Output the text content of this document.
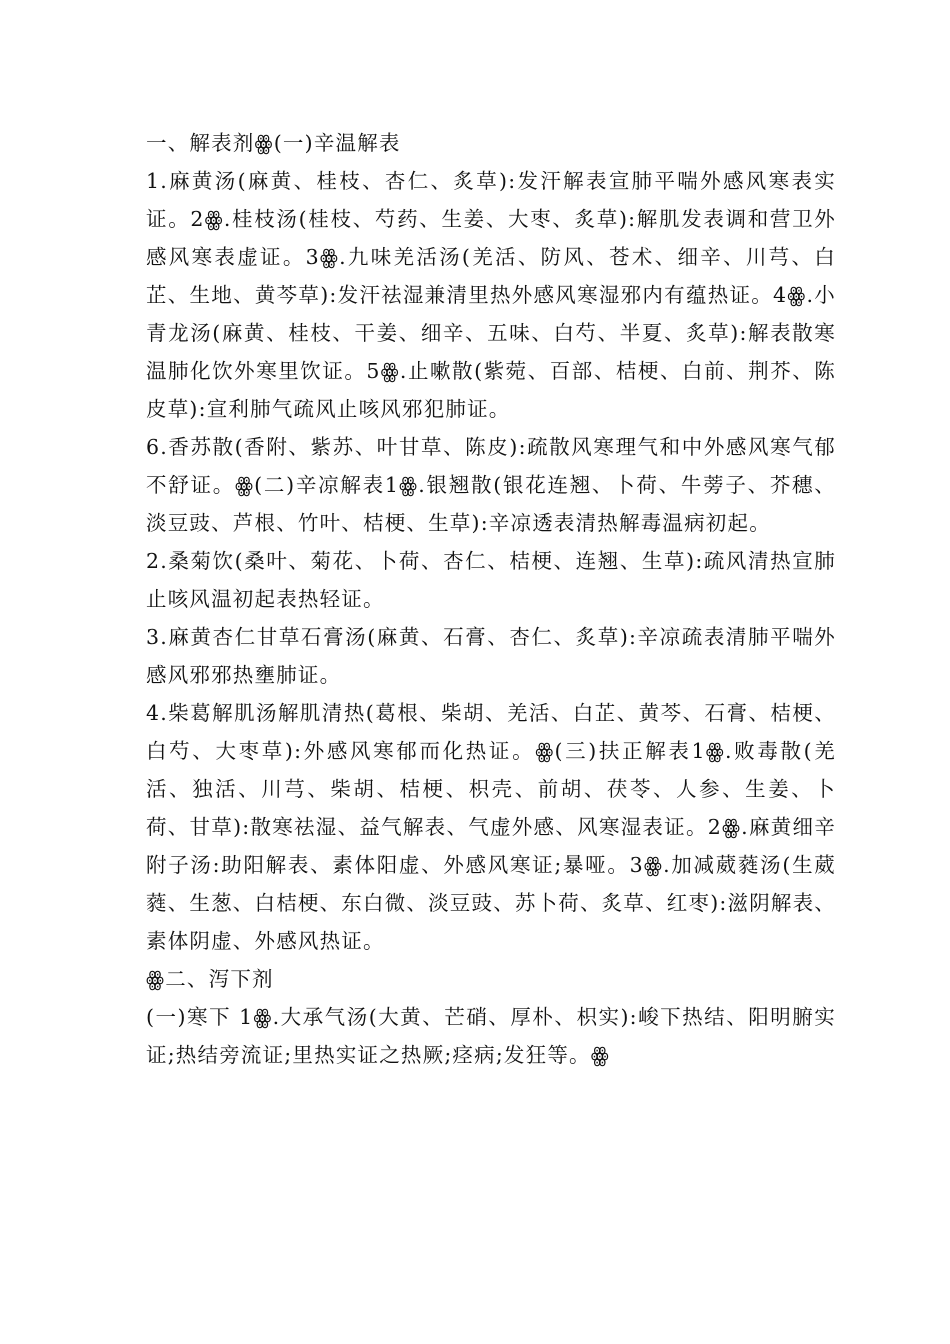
一、解表剂ꙮ(一)辛温解表

1.麻黄汤(麻黄、桂枝、杏仁、炙草):发汗解表宣肺平喘外感风寒表实证。2ꙮ.桂枝汤(桂枝、芍药、生姜、大枣、炙草):解肌发表调和营卫外感风寒表虚证。3ꙮ.九味羌活汤(羌活、防风、苍术、细辛、川芎、白芷、生地、黄芩草):发汗祛湿兼清里热外感风寒湿邪内有蕴热证。4ꙮ.小青龙汤(麻黄、桂枝、干姜、细辛、五味、白芍、半夏、炙草):解表散寒温肺化饮外寒里饮证。5ꙮ.止嗽散(紫菀、百部、桔梗、白前、荆芥、陈皮草):宣利肺气疏风止咳风邪犯肺证。

6.香苏散(香附、紫苏、叶甘草、陈皮):疏散风寒理气和中外感风寒气郁不舒证。ꙮ(二)辛凉解表1ꙮ.银翘散(银花连翘、卜荷、牛蒡子、芥穗、淡豆豉、芦根、竹叶、桔梗、生草):辛凉透表清热解毒温病初起。

2.桑菊饮(桑叶、菊花、卜荷、杏仁、桔梗、连翘、生草):疏风清热宣肺止咳风温初起表热轻证。

3.麻黄杏仁甘草石膏汤(麻黄、石膏、杏仁、炙草):辛凉疏表清肺平喘外感风邪邪热壅肺证。

4.柴葛解肌汤解肌清热(葛根、柴胡、羌活、白芷、黄芩、石膏、桔梗、白芍、大枣草):外感风寒郁而化热证。ꙮ(三)扶正解表1ꙮ.败毒散(羌活、独活、川芎、柴胡、桔梗、枳壳、前胡、茯苓、人参、生姜、卜荷、甘草):散寒祛湿、益气解表、气虚外感、风寒湿表证。2ꙮ.麻黄细辛附子汤:助阳解表、素体阳虚、外感风寒证;暴哑。3ꙮ.加减葳蕤汤(生葳蕤、生葱、白桔梗、东白微、淡豆豉、苏卜荷、炙草、红枣):滋阴解表、素体阴虚、外感风热证。

ꙮ二、泻下剂

(一)寒下 1ꙮ.大承气汤(大黄、芒硝、厚朴、枳实):峻下热结、阳明腑实证;热结旁流证;里热实证之热厥;痉病;发狂等。ꙮ
